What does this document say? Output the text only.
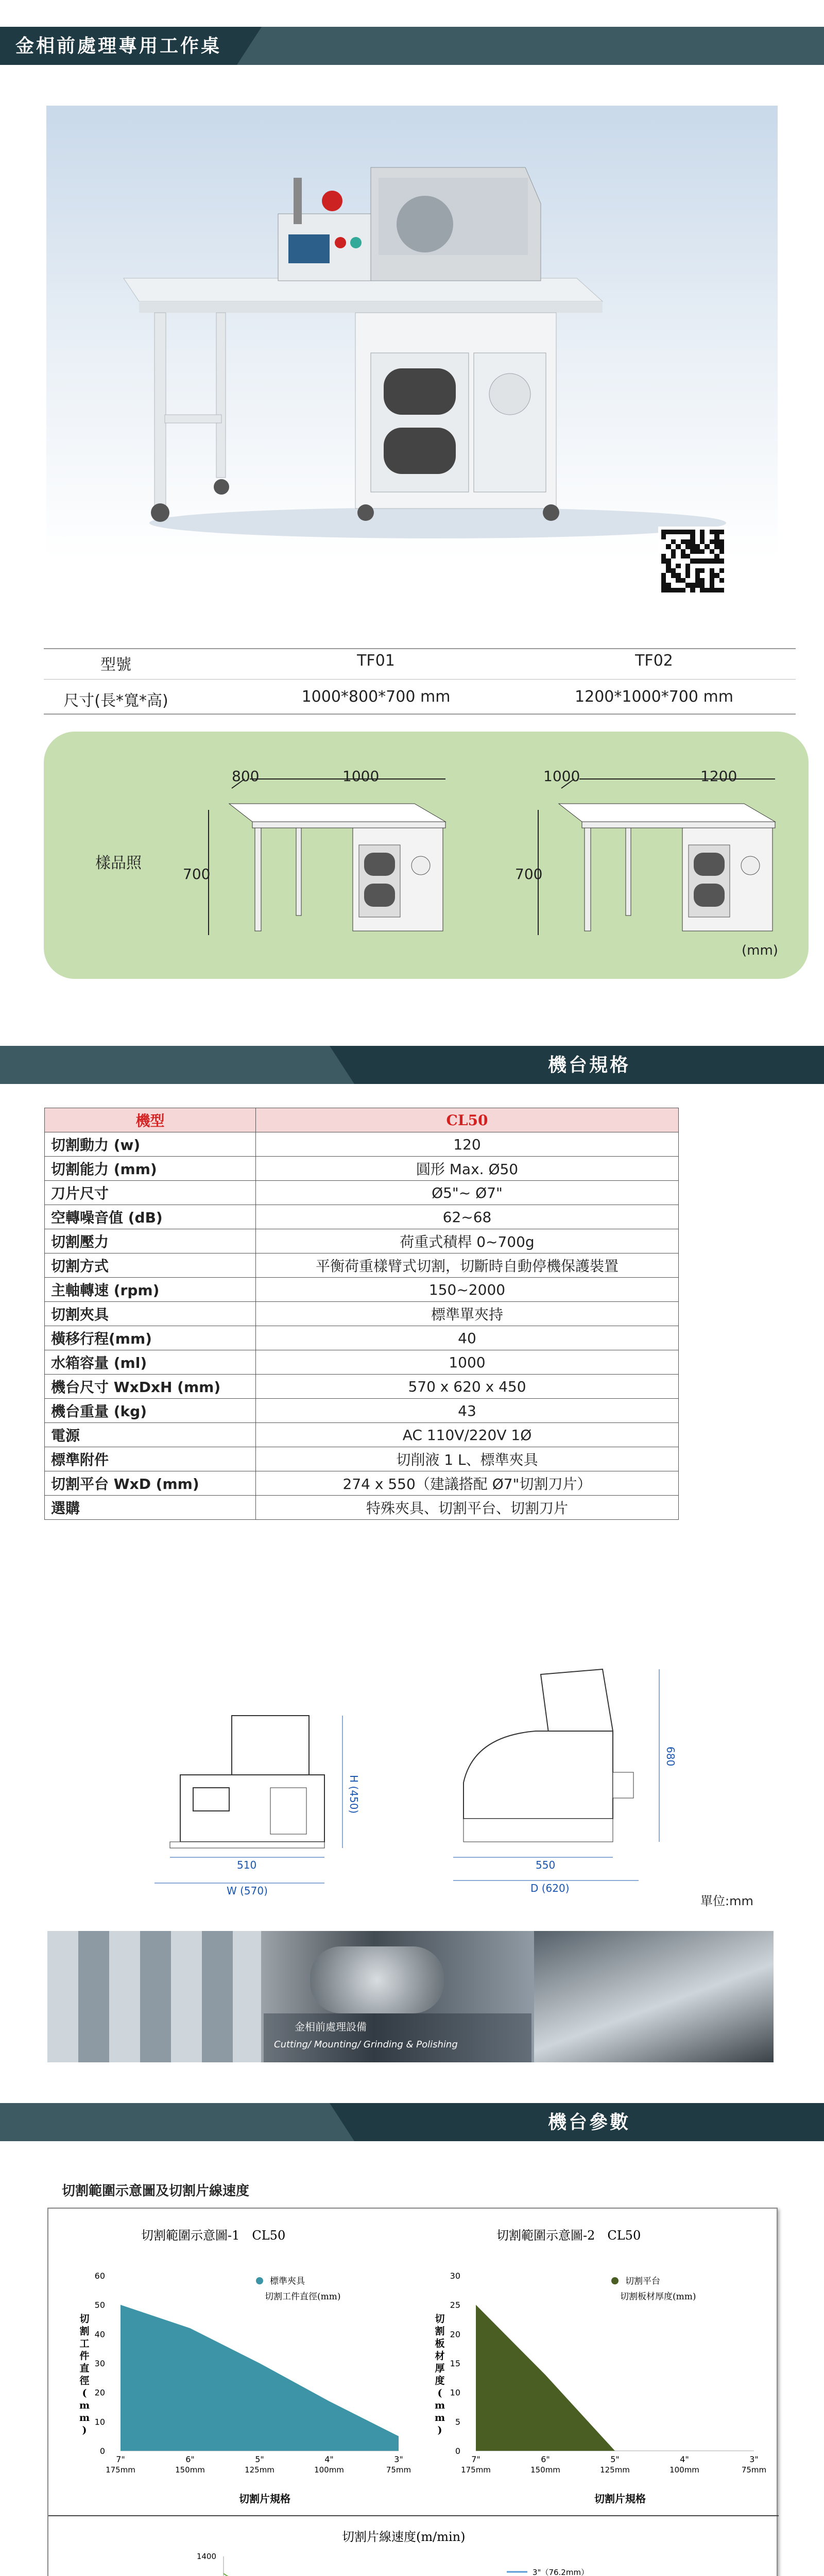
金相前處理專用工作桌(選購)
型號	TF01	TF02
尺寸(長*寬*高)	1000*800*700 mm	1200*1000*700 mm
樣品照
800	1000
700
1000	1200
700
(mm)
機台規格
機型	CL50
切割動力 (w)	120
切割能力 (mm)	圓形 Max. Ø50
刀片尺寸	Ø5"~ Ø7"
空轉噪音值 (dB)	62~68
切割壓力	荷重式積桿 0~700g
切割方式	平衡荷重樣臂式切割，切斷時自動停機保護裝置
主軸轉速 (rpm)	150~2000
切割夾具	標準單夾持
橫移行程(mm)	40
水箱容量 (ml)	1000
機台尺寸 WxDxH (mm)	570 x 620 x 450
機台重量 (kg)	43
電源	AC 110V/220V 1Ø
標準附件	切削液 1 L、標準夾具
切割平台 WxD (mm)	274 x 550（建議搭配 Ø7"切割刀片）
選購	特殊夾具、切割平台、切割刀片
510
W (570)
H (450)
550
D (620)
680
單位:mm
金相前處理設備
Cutting/ Mounting/ Grinding & Polishing
機台參數
切割範圍示意圖及切割片線速度
切割範圍示意圖-1　CL50
0
10
20
30
40
50
60
7"
175mm
6"
150mm
5"
125mm
4"
100mm
3"
75mm
切割片規格
切
割
工
件
直
徑
(
m
m
)
標準夾具
切割工件直徑(mm)
切割範圍示意圖-2　CL50
0
5
10
15
20
25
30
7"
175mm
6"
150mm
5"
125mm
4"
100mm
3"
75mm
切割片規格
切
割
板
材
厚
度
(
m
m
)
切割平台
切割板材厚度(mm)
切割片線速度(m/min)
1400
3"（76.2mm）
